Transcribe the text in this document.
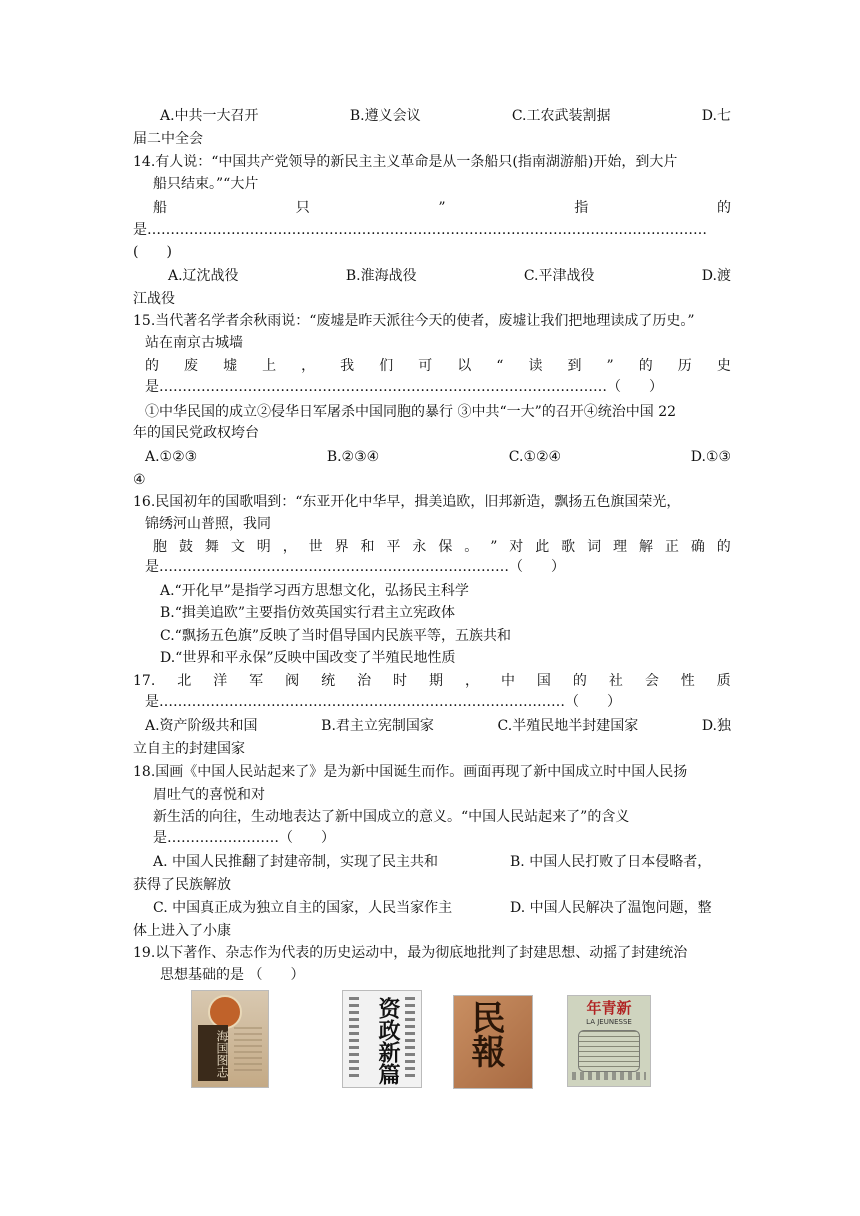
A.中共一大召开	B.遵义会议	C.工农武装割据	D.七
届二中全会
14.有人说：“中国共产党领导的新民主主义革命是从一条船只(指南湖游船)开始，到大片
船只结束。”“大片
船	只	”	指	的
是 …………………………………………………………………………………………………………
(　　)
A.辽沈战役	B.淮海战役	C.平津战役	D.渡
江战役
15.当代著名学者余秋雨说：“废墟是昨天派往今天的使者，废墟让我们把地理读成了历史。”
站在南京古城墙
的 废 墟 上 ， 我 们 可 以 “ 读 到 ” 的 历 史
是……………………………………………………………………………………（　　）
①中华民国的成立②侵华日军屠杀中国同胞的暴行 ③中共“一大”的召开④统治中国 22
年的国民党政权垮台
A.①②③	B.②③④	C.①②④	D.①③
④
16.民国初年的国歌唱到：“东亚开化中华早，揖美追欧，旧邦新造，飘扬五色旗国荣光，
锦绣河山普照，我同
胞 鼓 舞 文 明 ， 世 界 和 平 永 保 。 ” 对 此 歌 词 理 解 正 确 的
是…………………………………………………………………（　　）
A.“开化早”是指学习西方思想文化，弘扬民主科学
B.“揖美追欧”主要指仿效英国实行君主立宪政体
C.“飘扬五色旗”反映了当时倡导国内民族平等，五族共和
D.“世界和平永保”反映中国改变了半殖民地性质
17. 北 洋 军 阀 统 治 时 期 ， 中 国 的 社 会 性 质
是……………………………………………………………………………（　　）
A.资产阶级共和国	B.君主立宪制国家	C.半殖民地半封建国家	D.独
立自主的封建国家
18.国画《中国人民站起来了》是为新中国诞生而作。画面再现了新中国成立时中国人民扬
眉吐气的喜悦和对
新生活的向往，生动地表达了新中国成立的意义。“中国人民站起来了”的含义
是……………………（　　）
A. 中国人民推翻了封建帝制，实现了民主共和	B. 中国人民打败了日本侵略者，
获得了民族解放
C. 中国真正成为独立自主的国家，人民当家作主	D. 中国人民解决了温饱问题，整
体上进入了小康
19.以下著作、杂志作为代表的历史运动中，最为彻底地批判了封建思想、动摇了封建统治
思想基础的是 （　　）
海国图志	资政新篇 民報	年青新
LA JEUNESSE
